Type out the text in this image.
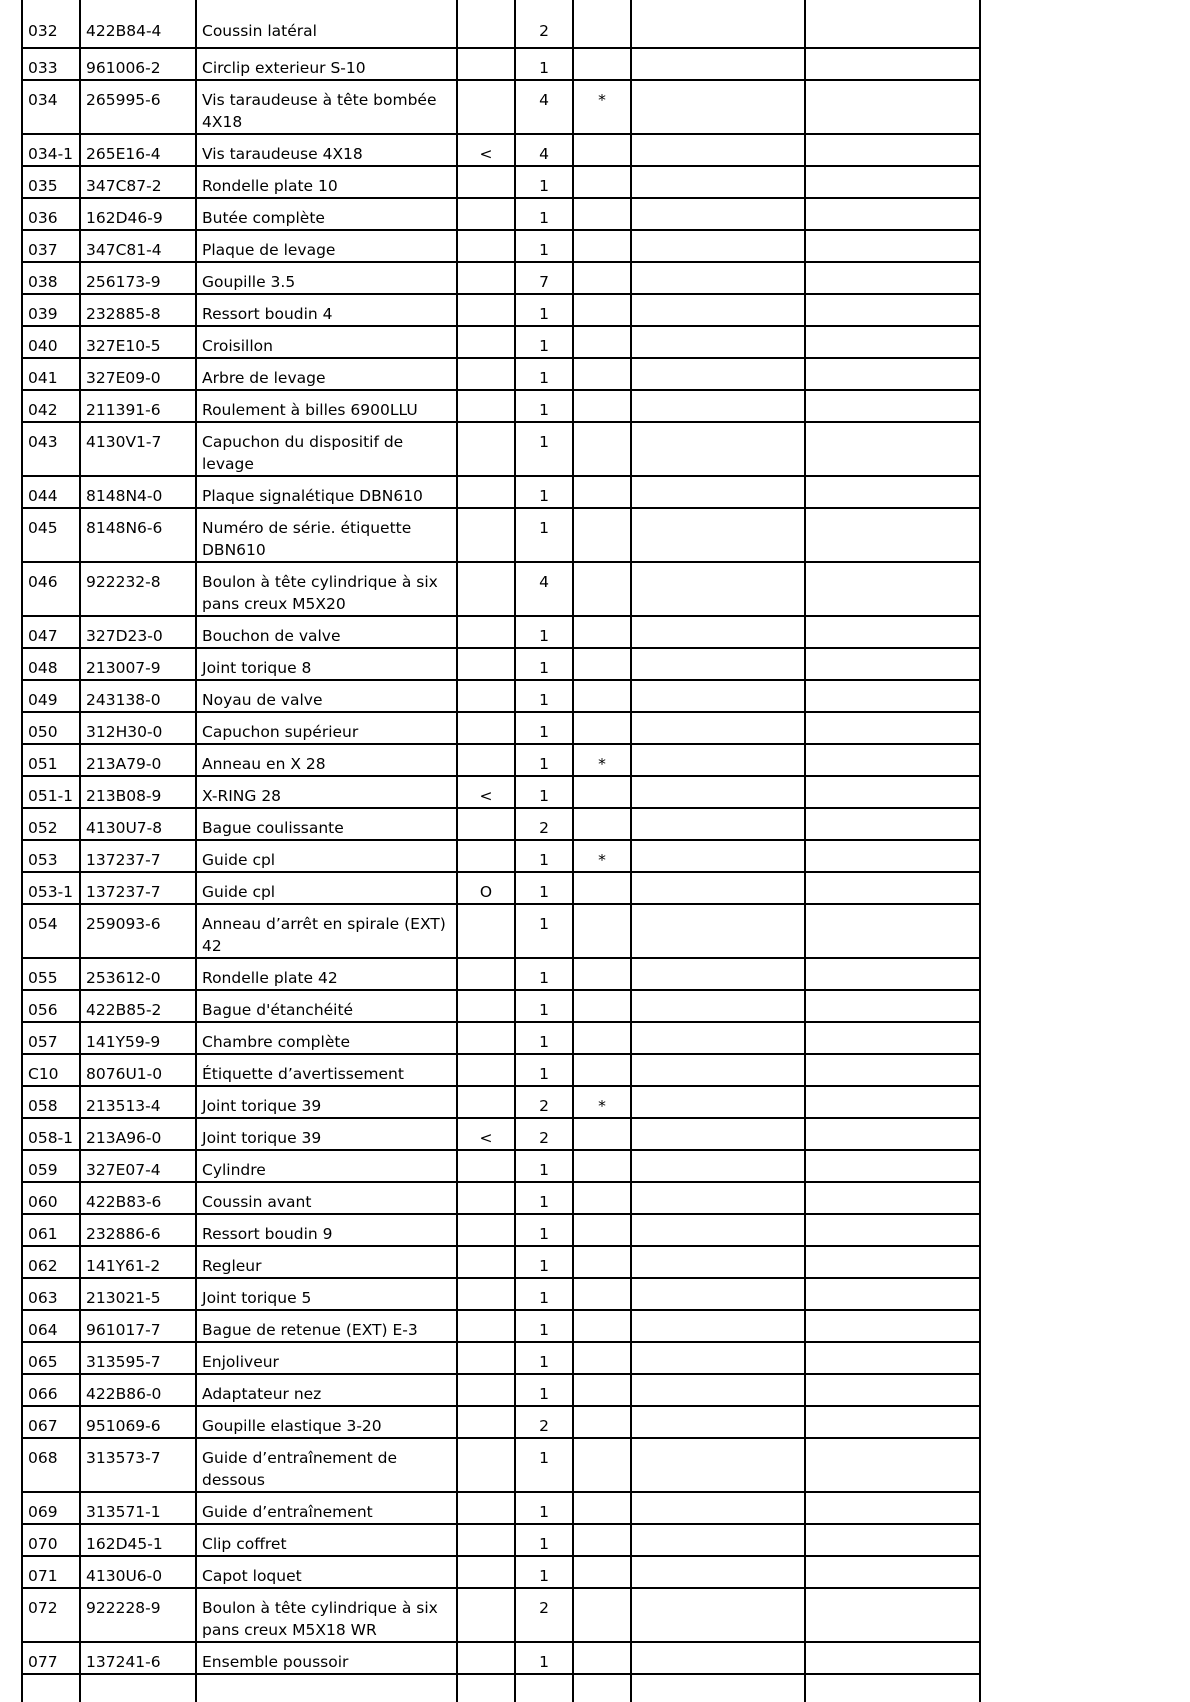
032	422B84-4	Coussin latéral		2			
033	961006-2	Circlip exterieur S-10		1			
034	265995-6	Vis taraudeuse à tête bombée 4X18		4	*		
034-1	265E16-4	Vis taraudeuse 4X18	<	4			
035	347C87-2	Rondelle plate 10		1			
036	162D46-9	Butée complète		1			
037	347C81-4	Plaque de levage		1			
038	256173-9	Goupille 3.5		7			
039	232885-8	Ressort boudin 4		1			
040	327E10-5	Croisillon		1			
041	327E09-0	Arbre de levage		1			
042	211391-6	Roulement à billes 6900LLU		1			
043	4130V1-7	Capuchon du dispositif de levage		1			
044	8148N4-0	Plaque signalétique DBN610		1			
045	8148N6-6	Numéro de série. étiquette DBN610		1			
046	922232-8	Boulon à tête cylindrique à six pans creux M5X20		4			
047	327D23-0	Bouchon de valve		1			
048	213007-9	Joint torique 8		1			
049	243138-0	Noyau de valve		1			
050	312H30-0	Capuchon supérieur		1			
051	213A79-0	Anneau en X 28		1	*		
051-1	213B08-9	X-RING 28	<	1			
052	4130U7-8	Bague coulissante		2			
053	137237-7	Guide cpl		1	*		
053-1	137237-7	Guide cpl	O	1			
054	259093-6	Anneau d’arrêt en spirale (EXT) 42		1			
055	253612-0	Rondelle plate 42		1			
056	422B85-2	Bague d'étanchéité		1			
057	141Y59-9	Chambre complète		1			
C10	8076U1-0	Étiquette d’avertissement		1			
058	213513-4	Joint torique 39		2	*		
058-1	213A96-0	Joint torique 39	<	2			
059	327E07-4	Cylindre		1			
060	422B83-6	Coussin avant		1			
061	232886-6	Ressort boudin 9		1			
062	141Y61-2	Regleur		1			
063	213021-5	Joint torique 5		1			
064	961017-7	Bague de retenue (EXT) E-3		1			
065	313595-7	Enjoliveur		1			
066	422B86-0	Adaptateur nez		1			
067	951069-6	Goupille elastique 3-20		2			
068	313573-7	Guide d’entraînement de dessous		1			
069	313571-1	Guide d’entraînement		1			
070	162D45-1	Clip coffret		1			
071	4130U6-0	Capot loquet		1			
072	922228-9	Boulon à tête cylindrique à six pans creux M5X18 WR		2			
077	137241-6	Ensemble poussoir		1			
